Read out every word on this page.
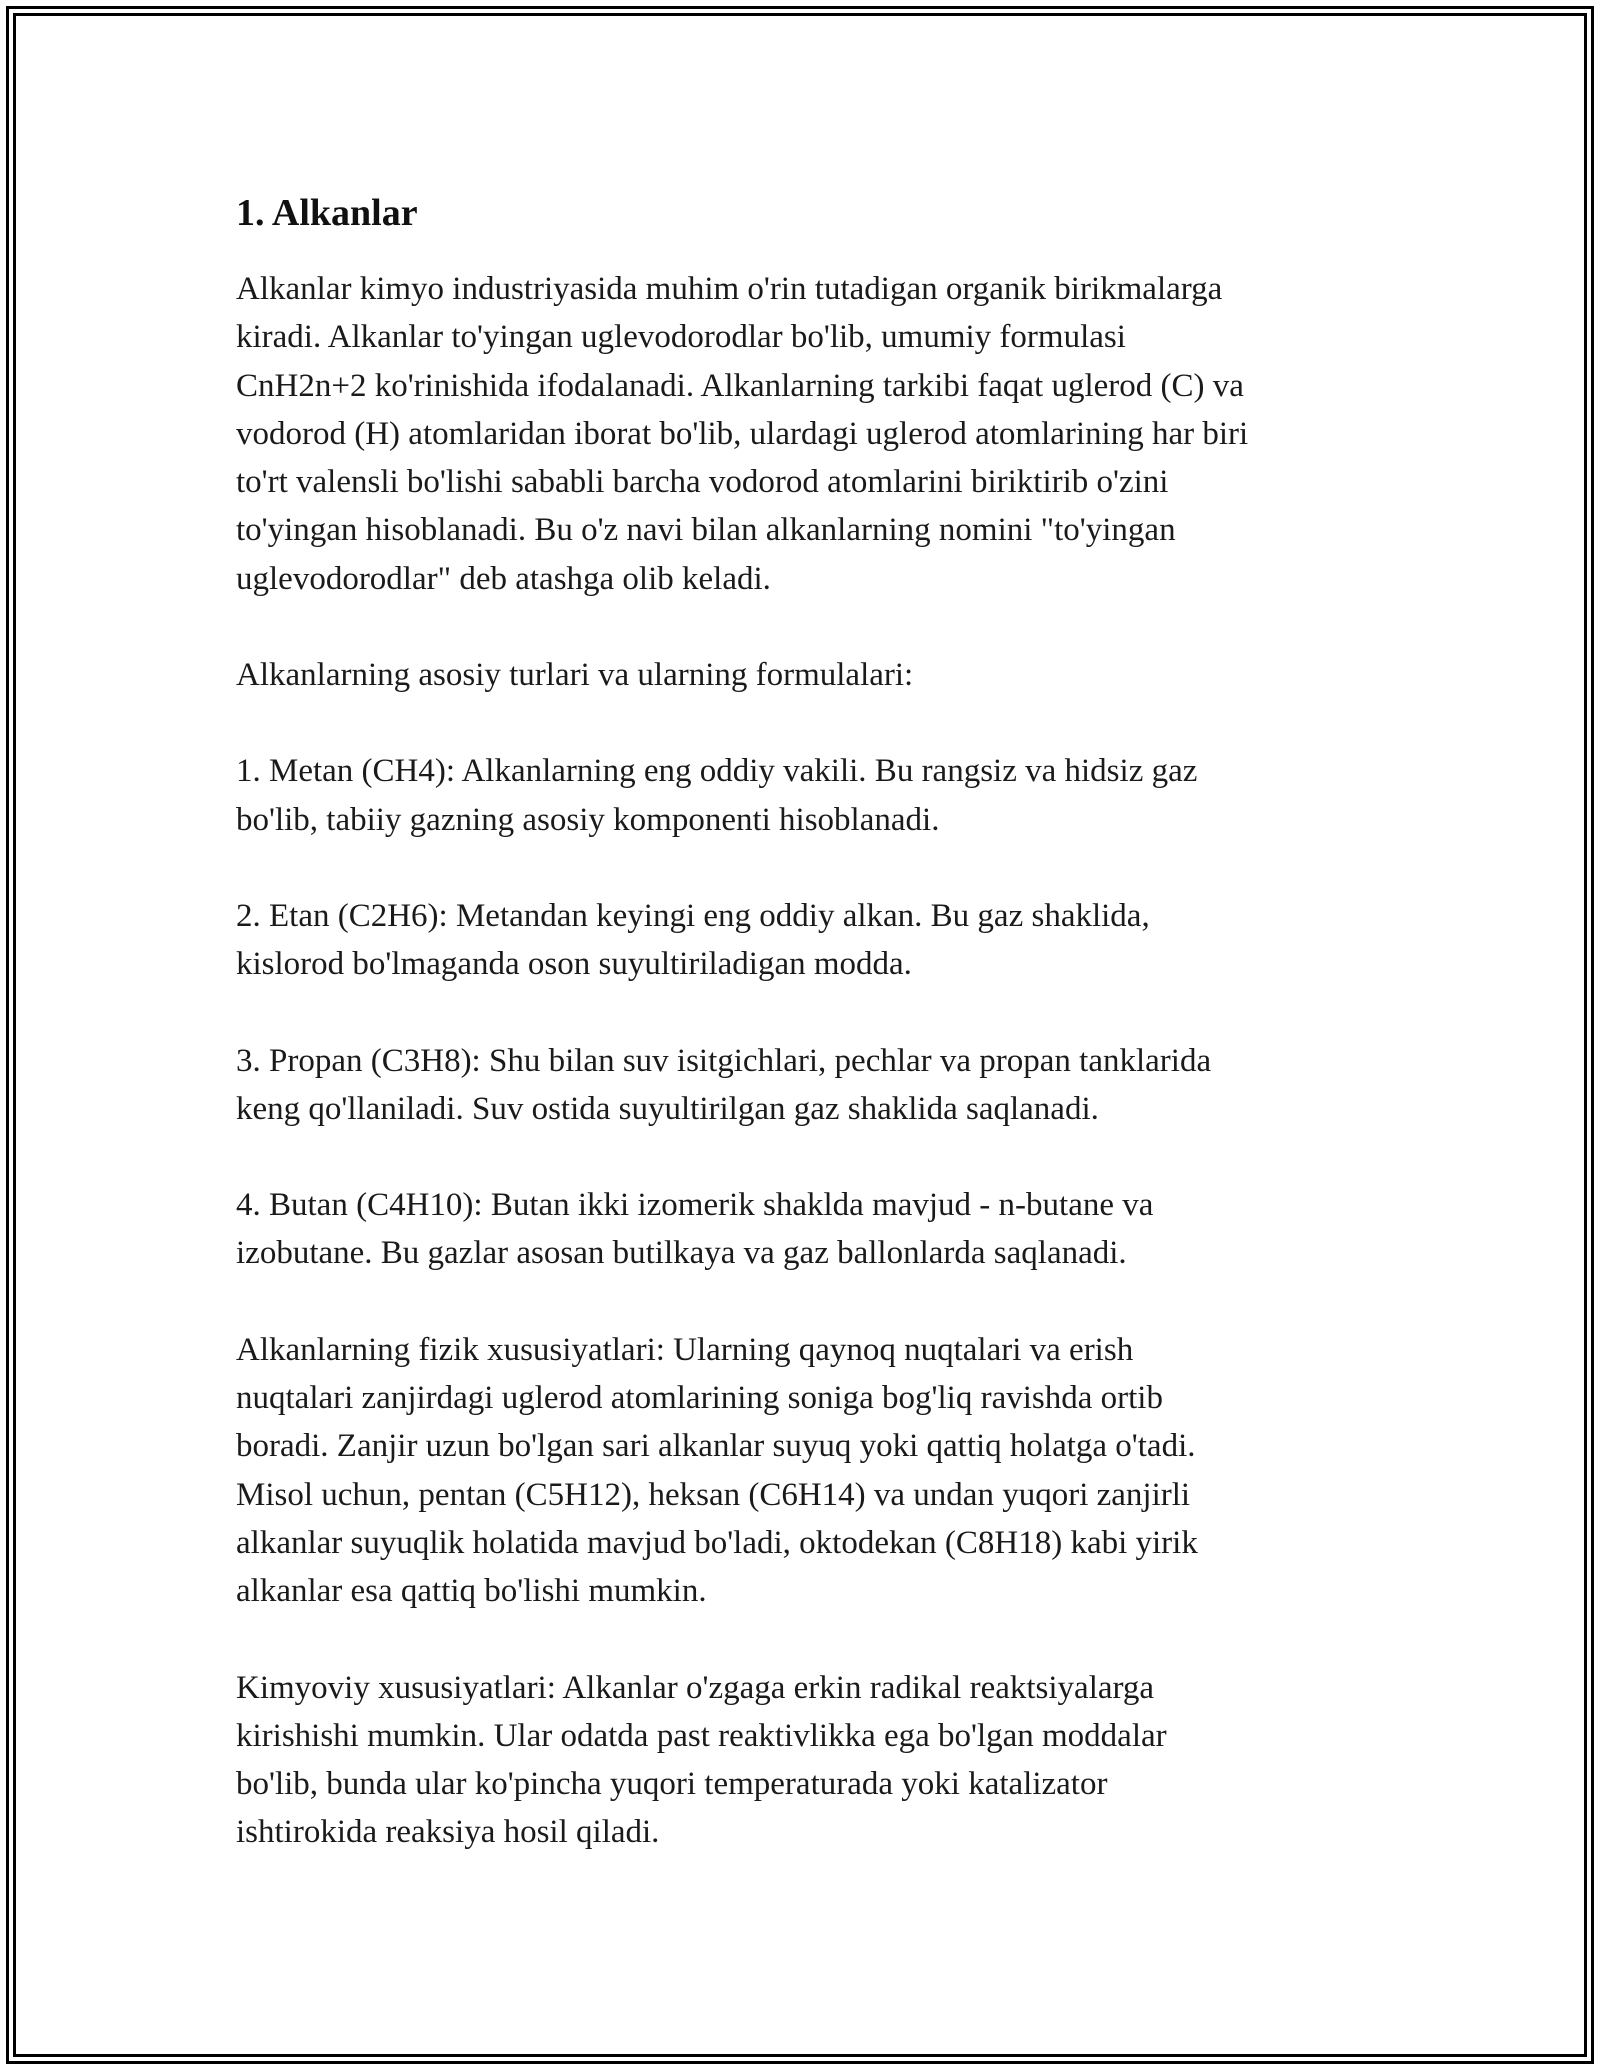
1. Alkanlar

Alkanlar kimyo industriyasida muhim o'rin tutadigan organik birikmalarga
kiradi. Alkanlar to'yingan uglevodorodlar bo'lib, umumiy formulasi
CnH2n+2 ko'rinishida ifodalanadi. Alkanlarning tarkibi faqat uglerod (C) va
vodorod (H) atomlaridan iborat bo'lib, ulardagi uglerod atomlarining har biri
to'rt valensli bo'lishi sababli barcha vodorod atomlarini biriktirib o'zini
to'yingan hisoblanadi. Bu o'z navi bilan alkanlarning nomini "to'yingan
uglevodorodlar" deb atashga olib keladi.

Alkanlarning asosiy turlari va ularning formulalari:

1. Metan (CH4): Alkanlarning eng oddiy vakili. Bu rangsiz va hidsiz gaz
bo'lib, tabiiy gazning asosiy komponenti hisoblanadi.

2. Etan (C2H6): Metandan keyingi eng oddiy alkan. Bu gaz shaklida,
kislorod bo'lmaganda oson suyultiriladigan modda.

3. Propan (C3H8): Shu bilan suv isitgichlari, pechlar va propan tanklarida
keng qo'llaniladi. Suv ostida suyultirilgan gaz shaklida saqlanadi.

4. Butan (C4H10): Butan ikki izomerik shakldа mavjud - n-butane va
izobutane. Bu gazlar asosan butilkaya va gaz ballonlarda saqlanadi.

Alkanlarning fizik xususiyatlari: Ularning qaynoq nuqtalari va erish
nuqtalari zanjirdagi uglerod atomlarining soniga bog'liq ravishda ortib
boradi. Zanjir uzun bo'lgan sari alkanlar suyuq yoki qattiq holatga o'tadi.
Misol uchun, pentan (C5H12), heksan (C6H14) va undan yuqori zanjirli
alkanlar suyuqlik holatida mavjud bo'ladi, oktodekan (C8H18) kabi yirik
alkanlar esa qattiq bo'lishi mumkin.

Kimyoviy xususiyatlari: Alkanlar o'zgaga erkin radikal reaktsiyalarga
kirishishi mumkin. Ular odatda past reaktivlikka ega bo'lgan moddalar
bo'lib, bunda ular ko'pincha yuqori temperaturada yoki katalizator
ishtirokida reaksiya hosil qiladi.
